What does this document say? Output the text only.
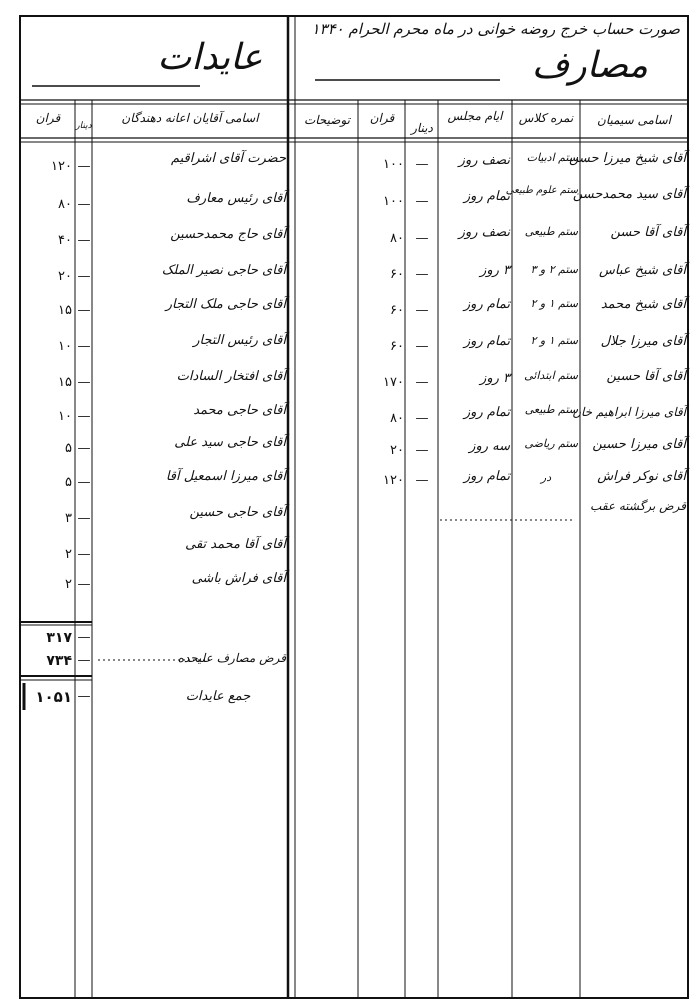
صورت حساب خرج روضه خوانی در ماه محرم الحرام ۱۳۴۰
مصارف
عایدات
اسامی سیمیان
نمره کلاس
ایام مجلس
دینار
قران
توضیحات
اسامی آقایان اعانه دهندگان
دینار
قران
آقای شیخ میرزا حسن
ستم ادبیات
نصف روز
—
۱۰۰
آقای سید محمدحسن
ستم علوم طبیعی
تمام روز
—
۱۰۰
آقای آقا حسن
ستم طبیعی
نصف روز
—
۸۰
آقای شیخ عباس
ستم ۲ و ۳
۳ روز
—
۶۰
آقای شیخ محمد
ستم ۱ و ۲
تمام روز
—
۶۰
آقای میرزا جلال
ستم ۱ و ۲
تمام روز
—
۶۰
آقای آقا حسین
ستم ابتدائی
۳ روز
—
۱۷۰
آقای میرزا ابراهیم خان
ستم طبیعی
تمام روز
—
۸۰
آقای میرزا حسین
ستم ریاضی
سه روز
—
۲۰
آقای نوکر فراش
در
تمام روز
—
۱۲۰
قرض برگشته عقب
حضرت آقای اشراقیم
—
۱۲۰
آقای رئیس معارف
—
۸۰
آقای حاج محمدحسین
—
۴۰
آقای حاجی نصیر الملک
—
۲۰
آقای حاجی ملک التجار
—
۱۵
آقای رئیس التجار
—
۱۰
آقای افتخار السادات
—
۱۵
آقای حاجی محمد
—
۱۰
آقای حاجی سید علی
—
۵
آقای میرزا اسمعیل آقا
—
۵
آقای حاجی حسین
—
۳
آقای آقا محمد تقی
—
۲
آقای فراش باشی
—
۲
۳۱۷ —
قرض مصارف علیحده
۷۳۴ —
جمع عایدات
۱۰۵۱ —
